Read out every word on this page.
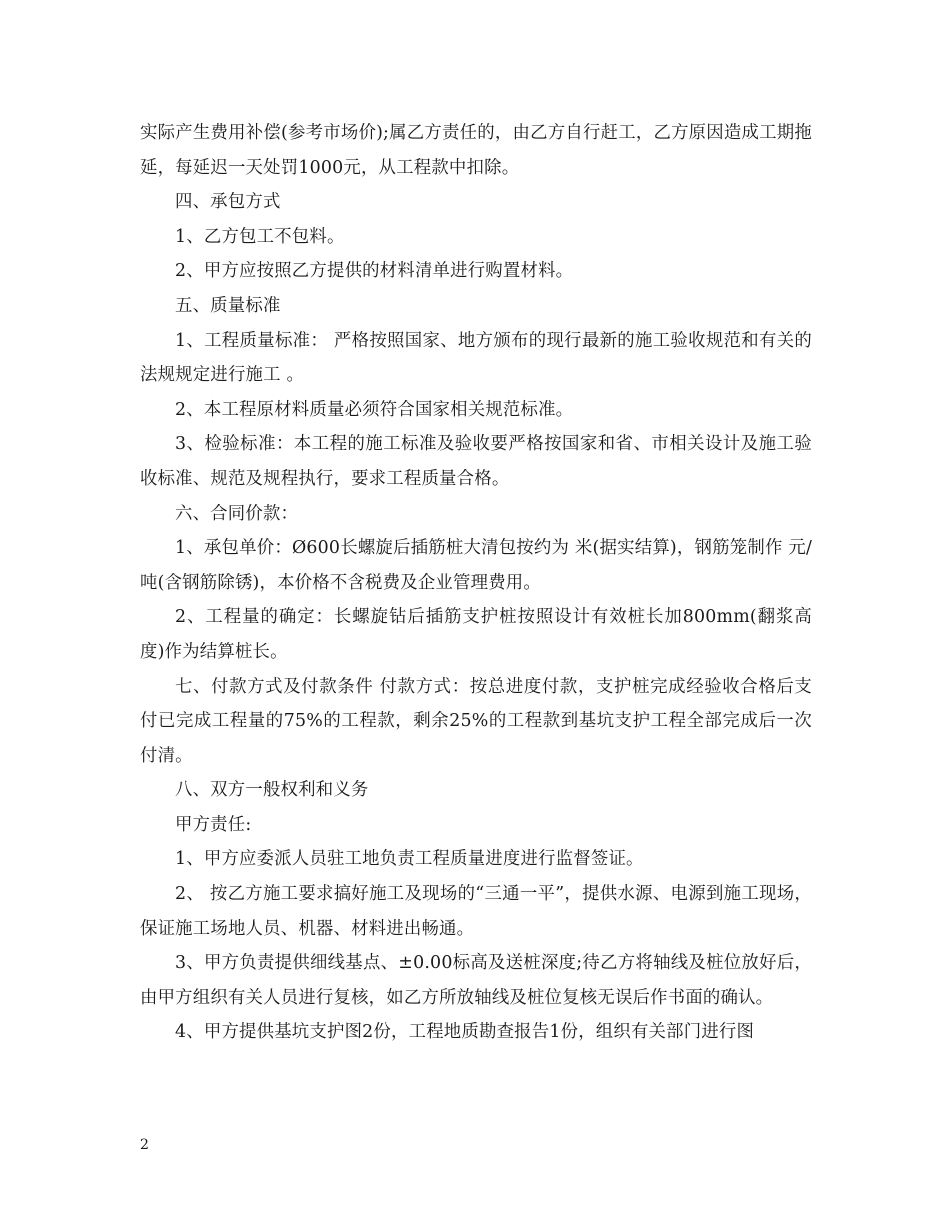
实际产生费用补偿(参考市场价);属乙方责任的，由乙方自行赶工，乙方原因造成工期拖延，每延迟一天处罚1000元，从工程款中扣除。

四、承包方式

1、乙方包工不包料。

2、甲方应按照乙方提供的材料清单进行购置材料。

五、质量标准

1、工程质量标准： 严格按照国家、地方颁布的现行最新的施工验收规范和有关的法规规定进行施工 。

2、本工程原材料质量必须符合国家相关规范标准。

3、检验标准：本工程的施工标准及验收要严格按国家和省、市相关设计及施工验收标准、规范及规程执行，要求工程质量合格。

六、合同价款：

1、承包单价：Ø600长螺旋后插筋桩大清包按约为 米(据实结算)，钢筋笼制作 元/吨(含钢筋除锈)，本价格不含税费及企业管理费用。

2、工程量的确定：长螺旋钻后插筋支护桩按照设计有效桩长加800mm(翻浆高度)作为结算桩长。

七、付款方式及付款条件 付款方式：按总进度付款，支护桩完成经验收合格后支付已完成工程量的75%的工程款，剩余25%的工程款到基坑支护工程全部完成后一次付清。

八、双方一般权利和义务

甲方责任:

1、甲方应委派人员驻工地负责工程质量进度进行监督签证。

2、 按乙方施工要求搞好施工及现场的“三通一平”，提供水源、电源到施工现场，保证施工场地人员、机器、材料进出畅通。

3、甲方负责提供细线基点、±0.00标高及送桩深度;待乙方将轴线及桩位放好后，由甲方组织有关人员进行复核，如乙方所放轴线及桩位复核无误后作书面的确认。

4、甲方提供基坑支护图2份，工程地质勘查报告1份，组织有关部门进行图

2
